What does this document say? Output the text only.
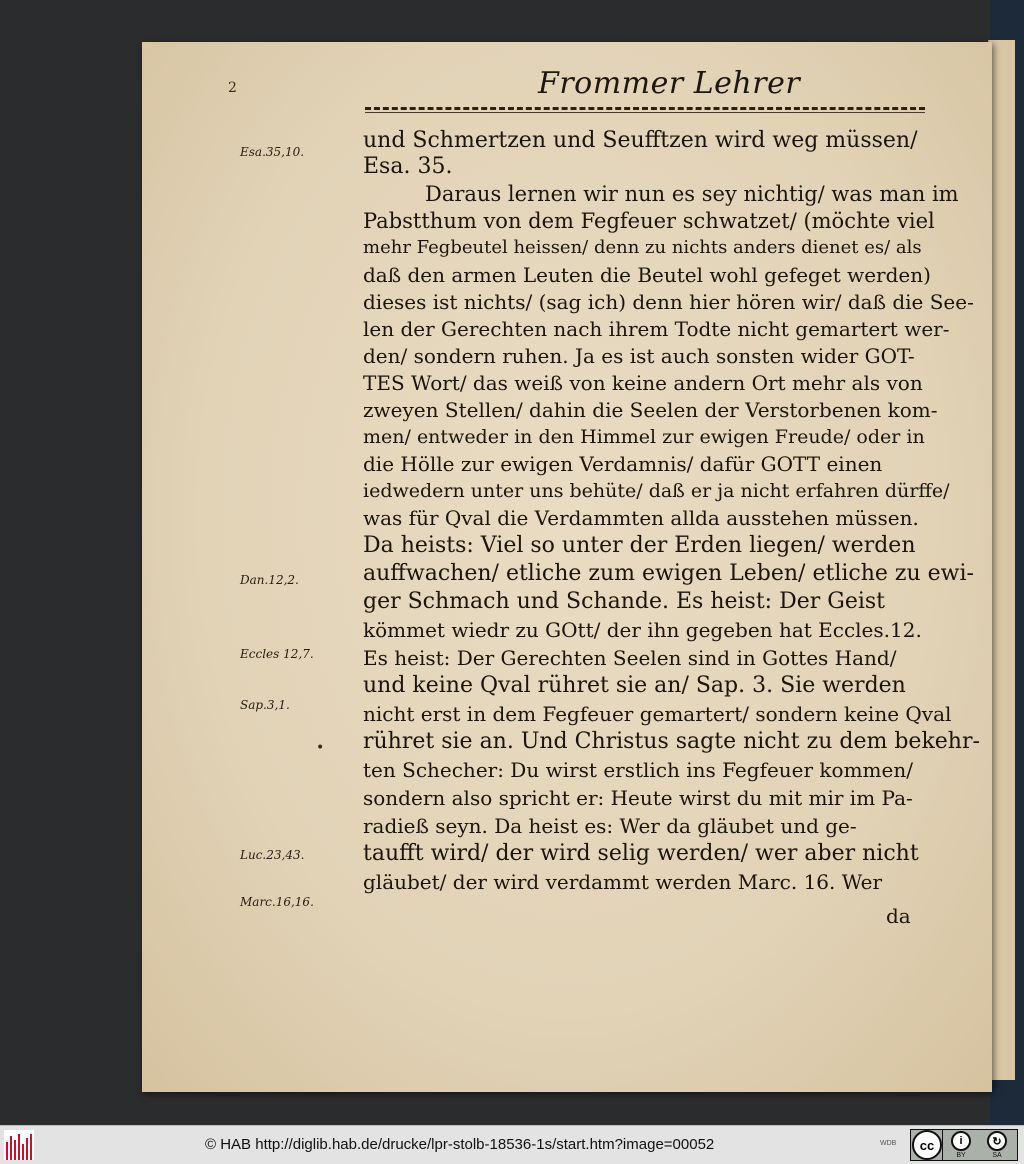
2	Frommer Lehrer
und Schmertzen und Seufftzen wird weg müssen/
Esa. 35.
Daraus lernen wir nun es sey nichtig/ was man im
Pabstthum von dem Fegfeuer schwatzet/ (möchte viel
mehr Fegbeutel heissen/ denn zu nichts anders dienet es/ als
daß den armen Leuten die Beutel wohl gefeget werden)
dieses ist nichts/ (sag ich) denn hier hören wir/ daß die See-
len der Gerechten nach ihrem Todte nicht gemartert wer-
den/ sondern ruhen. Ja es ist auch sonsten wider GOT-
TES Wort/ das weiß von keine andern Ort mehr als von
zweyen Stellen/ dahin die Seelen der Verstorbenen kom-
men/ entweder in den Himmel zur ewigen Freude/ oder in
die Hölle zur ewigen Verdamnis/ dafür GOTT einen
iedwedern unter uns behüte/ daß er ja nicht erfahren dürffe/
was für Qval die Verdammten allda ausstehen müssen.
Da heists: Viel so unter der Erden liegen/ werden
auffwachen/ etliche zum ewigen Leben/ etliche zu ewi-
ger Schmach und Schande. Es heist: Der Geist
kömmet wiedr zu GOtt/ der ihn gegeben hat Eccles.12.
Es heist: Der Gerechten Seelen sind in Gottes Hand/
und keine Qval rühret sie an/ Sap. 3. Sie werden
nicht erst in dem Fegfeuer gemartert/ sondern keine Qval
rühret sie an. Und Christus sagte nicht zu dem bekehr-
ten Schecher: Du wirst erstlich ins Fegfeuer kommen/
sondern also spricht er: Heute wirst du mit mir im Pa-
radieß seyn. Da heist es: Wer da gläubet und ge-
taufft wird/ der wird selig werden/ wer aber nicht
gläubet/ der wird verdammt werden Marc. 16. Wer
da
Esa.35,10.
Dan.12,2.
Eccles 12,7.
Sap.3,1.
Luc.23,43.
Marc.16,16.
•
© HAB http://diglib.hab.de/drucke/lpr-stolb-18536-1s/start.htm?image=00052	WDB	cc	i
BY
↻
SA
